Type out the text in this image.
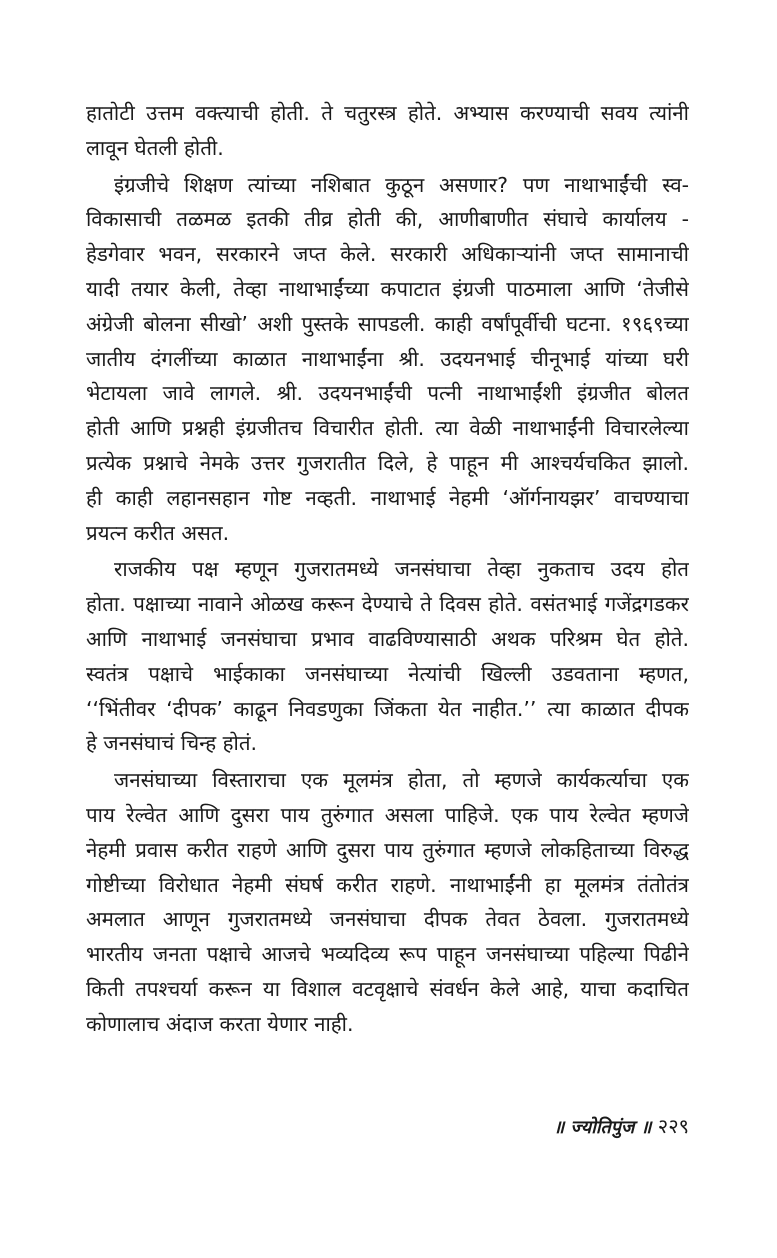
हातोटी उत्तम वक्त्याची होती. ते चतुरस्त्र होते. अभ्यास करण्याची सवय त्यांनी
लावून घेतली होती.
इंग्रजीचे शिक्षण त्यांच्या नशिबात कुठून असणार? पण नाथाभाईंची स्व-
विकासाची तळमळ इतकी तीव्र होती की, आणीबाणीत संघाचे कार्यालय -
हेडगेवार भवन, सरकारने जप्त केले. सरकारी अधिकाऱ्यांनी जप्त सामानाची
यादी तयार केली, तेव्हा नाथाभाईंच्या कपाटात इंग्रजी पाठमाला आणि ‘तेजीसे
अंग्रेजी बोलना सीखो’ अशी पुस्तके सापडली. काही वर्षांपूर्वीची घटना. १९६९च्या
जातीय दंगलींच्या काळात नाथाभाईंना श्री. उदयनभाई चीनूभाई यांच्या घरी
भेटायला जावे लागले. श्री. उदयनभाईंची पत्नी नाथाभाईंशी इंग्रजीत बोलत
होती आणि प्रश्नही इंग्रजीतच विचारीत होती. त्या वेळी नाथाभाईंनी विचारलेल्या
प्रत्येक प्रश्नाचे नेमके उत्तर गुजरातीत दिले, हे पाहून मी आश्चर्यचकित झालो.
ही काही लहानसहान गोष्ट नव्हती. नाथाभाई नेहमी ‘ऑर्गनायझर’ वाचण्याचा
प्रयत्न करीत असत.
राजकीय पक्ष म्हणून गुजरातमध्ये जनसंघाचा तेव्हा नुकताच उदय होत
होता. पक्षाच्या नावाने ओळख करून देण्याचे ते दिवस होते. वसंतभाई गजेंद्रगडकर
आणि नाथाभाई जनसंघाचा प्रभाव वाढविण्यासाठी अथक परिश्रम घेत होते.
स्वतंत्र पक्षाचे भाईकाका जनसंघाच्या नेत्यांची खिल्ली उडवताना म्हणत,
‘‘भिंतीवर ‘दीपक’ काढून निवडणुका जिंकता येत नाहीत.’’ त्या काळात दीपक
हे जनसंघाचं चिन्ह होतं.
जनसंघाच्या विस्ताराचा एक मूलमंत्र होता, तो म्हणजे कार्यकर्त्याचा एक
पाय रेल्वेत आणि दुसरा पाय तुरुंगात असला पाहिजे. एक पाय रेल्वेत म्हणजे
नेहमी प्रवास करीत राहणे आणि दुसरा पाय तुरुंगात म्हणजे लोकहिताच्या विरुद्ध
गोष्टीच्या विरोधात नेहमी संघर्ष करीत राहणे. नाथाभाईंनी हा मूलमंत्र तंतोतंत्र
अमलात आणून गुजरातमध्ये जनसंघाचा दीपक तेवत ठेवला. गुजरातमध्ये
भारतीय जनता पक्षाचे आजचे भव्यदिव्य रूप पाहून जनसंघाच्या पहिल्या पिढीने
किती तपश्चर्या करून या विशाल वटवृक्षाचे संवर्धन केले आहे, याचा कदाचित
कोणालाच अंदाज करता येणार नाही.
॥ ज्योतिपुंज ॥ २२९
